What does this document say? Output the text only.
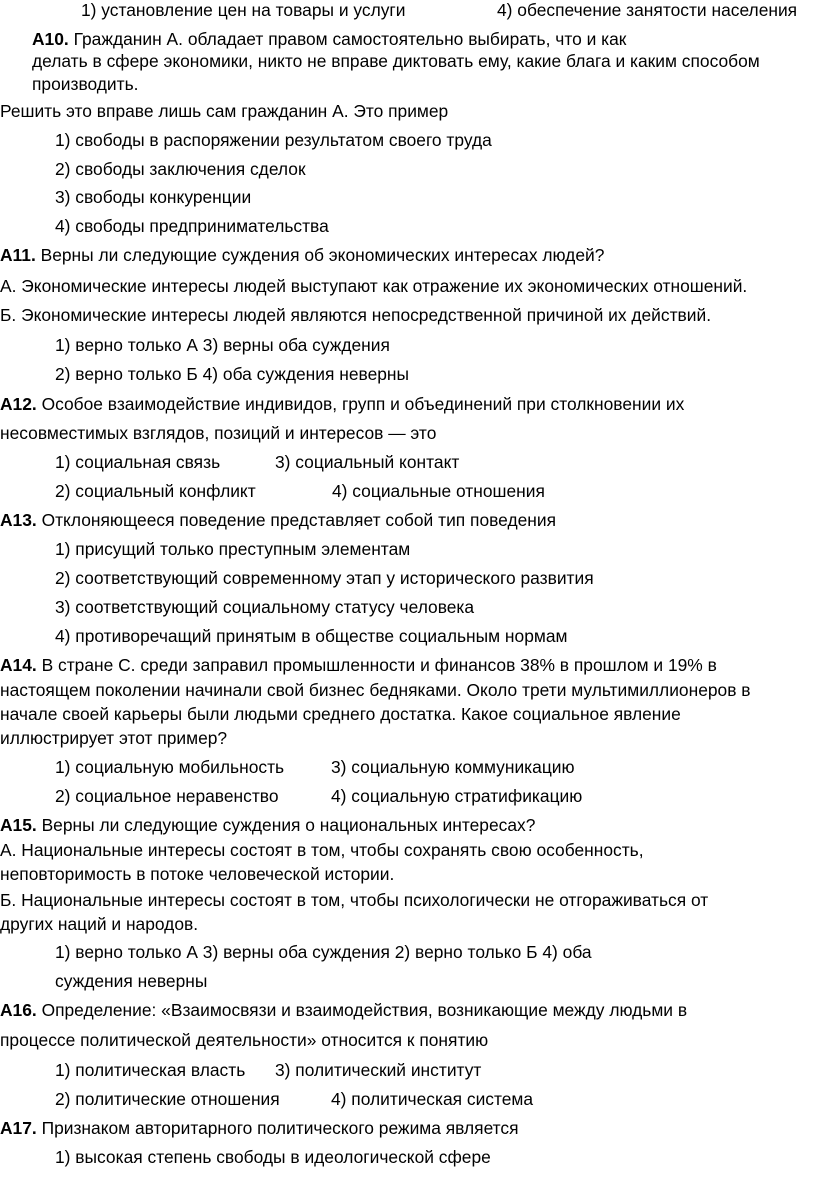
1) установление цен на товары и услуги	4) обеспечение занятости населения
А10. Гражданин А. обладает правом самостоятельно выбирать, что и как
делать в сфере экономики, никто не вправе диктовать ему, какие блага и каким способом
производить.
Решить это вправе лишь сам гражданин А. Это пример
1) свободы в распоряжении результатом своего труда
2) свободы заключения сделок
3) свободы конкуренции
4) свободы предпринимательства
А11. Верны ли следующие суждения об экономических интересах людей?
А. Экономические интересы людей выступают как отражение их экономических отношений.
Б. Экономические интересы людей являются непосредственной причиной их действий.
1) верно только А 3) верны оба суждения
2) верно только Б 4) оба суждения неверны
А12. Особое взаимодействие индивидов, групп и объединений при столкновении их
несовместимых взглядов, позиций и интересов — это
1) социальная связь	3) социальный контакт
2) социальный конфликт	4) социальные отношения
А13. Отклоняющееся поведение представляет собой тип поведения
1) присущий только преступным элементам
2) соответствующий современному этап у исторического развития
3) соответствующий социальному статусу человека
4) противоречащий принятым в обществе социальным нормам
А14. В стране С. среди заправил промышленности и финансов 38% в прошлом и 19% в
настоящем поколении начинали свой бизнес бедняками. Около трети мультимиллионеров в
начале своей карьеры были людьми среднего достатка. Какое социальное явление
иллюстрирует этот пример?
1) социальную мобильность	3) социальную коммуникацию
2) социальное неравенство	4) социальную стратификацию
А15. Верны ли следующие суждения о национальных интересах?
А. Национальные интересы состоят в том, чтобы сохранять свою особенность,
неповторимость в потоке человеческой истории.
Б. Национальные интересы состоят в том, чтобы психологически не отгораживаться от
других наций и народов.
1) верно только А 3) верны оба суждения 2) верно только Б 4) оба
суждения неверны
А16. Определение: «Взаимосвязи и взаимодействия, возникающие между людьми в
процессе политической деятельности» относится к понятию
1) политическая власть 3) политический институт
2) политические отношения	4) политическая система
А17. Признаком авторитарного политического режима является
1) высокая степень свободы в идеологической сфере
